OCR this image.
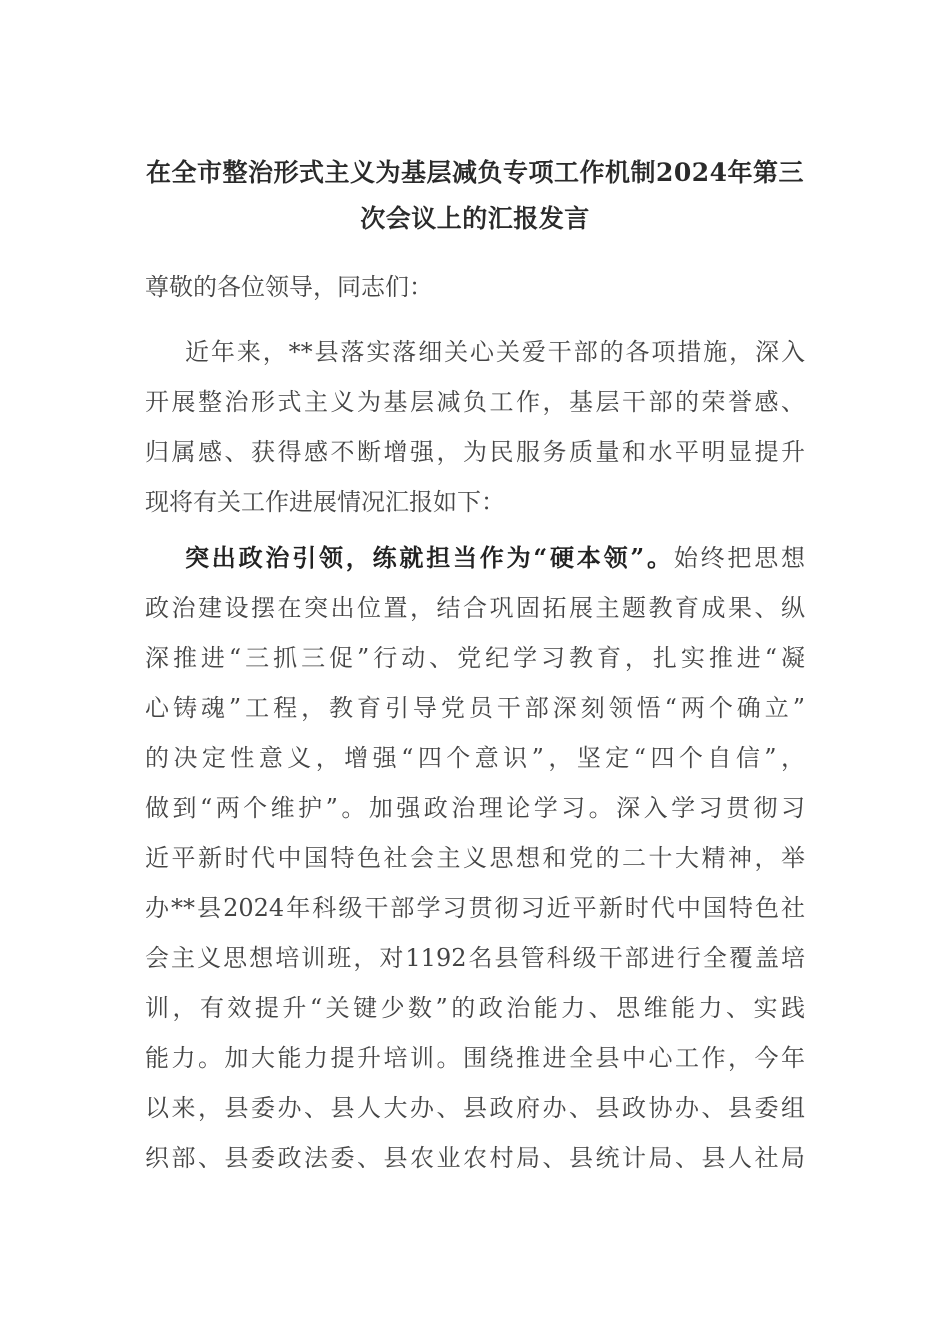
在全市整治形式主义为基层减负专项工作机制2024年第三
次会议上的汇报发言
尊敬的各位领导，同志们：
近年来，**县落实落细关心关爱干部的各项措施，深入
开展整治形式主义为基层减负工作，基层干部的荣誉感、
归属感、获得感不断增强，为民服务质量和水平明显提升
现将有关工作进展情况汇报如下：
突出政治引领，练就担当作为“硬本领”。始终把思想
政治建设摆在突出位置，结合巩固拓展主题教育成果、纵
深推进“三抓三促”行动、党纪学习教育，扎实推进“凝
心铸魂”工程，教育引导党员干部深刻领悟“两个确立”
的决定性意义，增强“四个意识”，坚定“四个自信”，
做到“两个维护”。加强政治理论学习。深入学习贯彻习
近平新时代中国特色社会主义思想和党的二十大精神，举
办**县2024年科级干部学习贯彻习近平新时代中国特色社
会主义思想培训班，对1192名县管科级干部进行全覆盖培
训，有效提升“关键少数”的政治能力、思维能力、实践
能力。加大能力提升培训。围绕推进全县中心工作，今年
以来，县委办、县人大办、县政府办、县政协办、县委组
织部、县委政法委、县农业农村局、县统计局、县人社局
